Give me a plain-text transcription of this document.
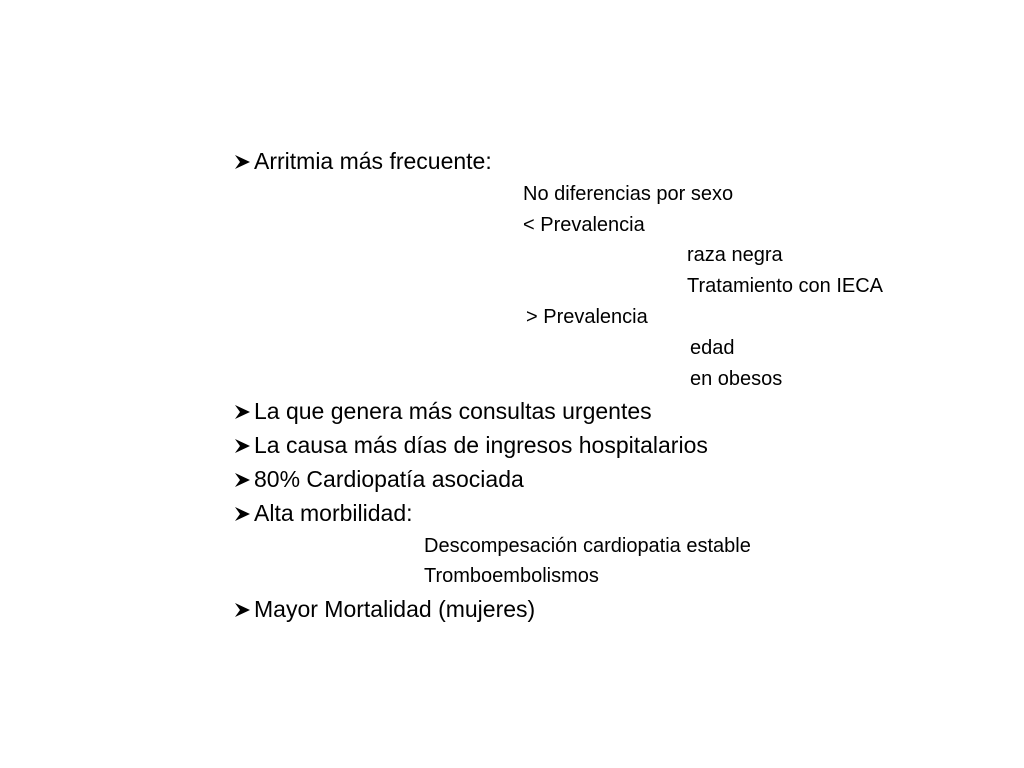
Arritmia más frecuente:
No diferencias por sexo
< Prevalencia
raza negra
Tratamiento con IECA
> Prevalencia
edad
en obesos
La que genera más consultas urgentes
La causa más días de ingresos hospitalarios
80% Cardiopatía asociada
Alta morbilidad:
Descompesación cardiopatia estable
Tromboembolismos
Mayor Mortalidad (mujeres)
